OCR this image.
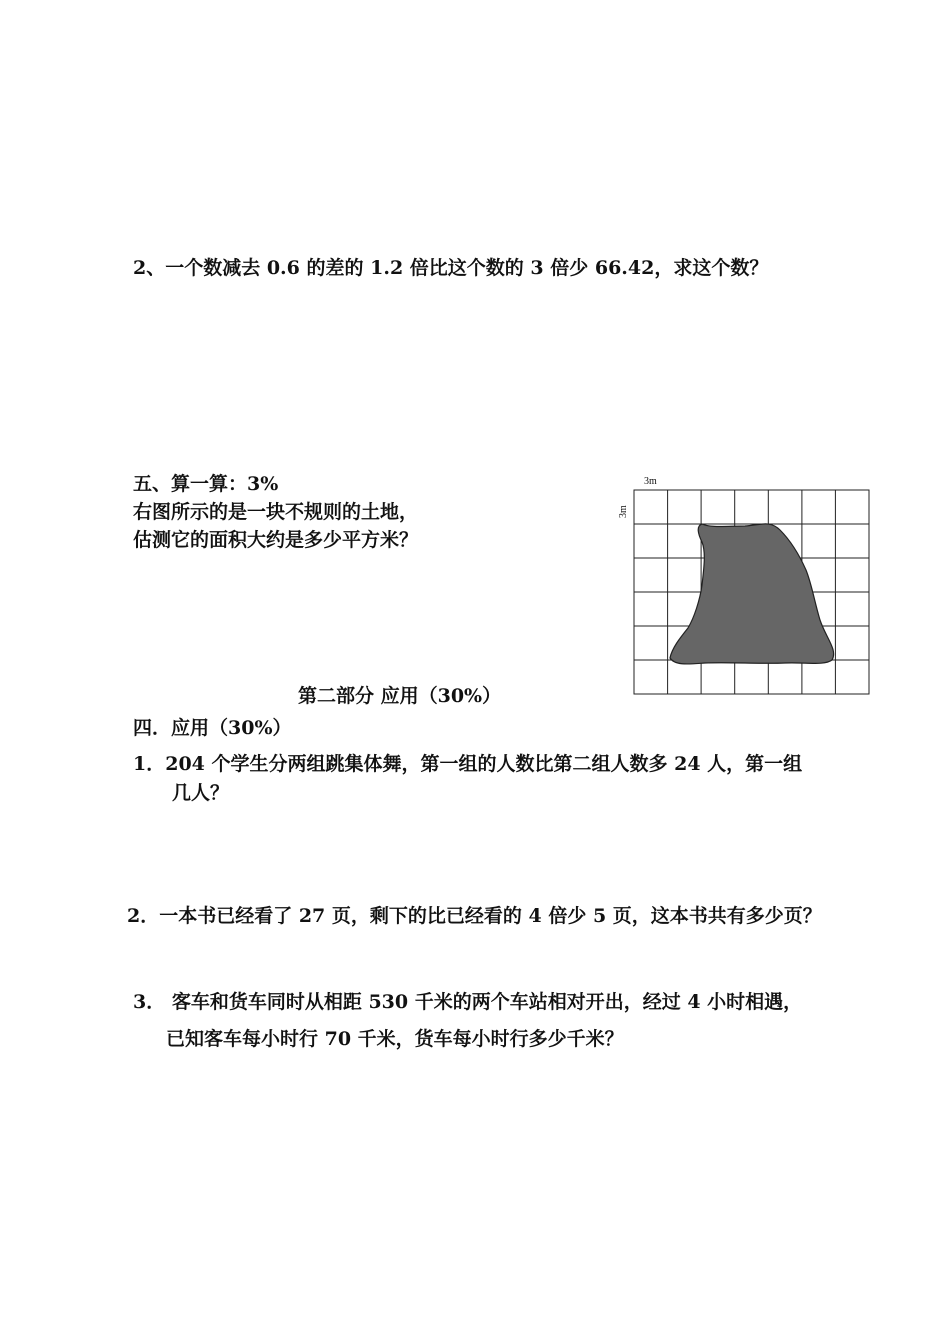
2、一个数减去 0.6 的差的 1.2 倍比这个数的 3 倍少 66.42，求这个数？
五、算一算：3%
右图所示的是一块不规则的土地，
估测它的面积大约是多少平方米？
3m
3m
第二部分 应用（30%）
四．应用（30%）
1．204 个学生分两组跳集体舞，第一组的人数比第二组人数多 24 人，第一组
几人？
2．一本书已经看了 27 页，剩下的比已经看的 4 倍少 5 页，这本书共有多少页？
3． 客车和货车同时从相距 530 千米的两个车站相对开出，经过 4 小时相遇，
已知客车每小时行 70 千米，货车每小时行多少千米？
